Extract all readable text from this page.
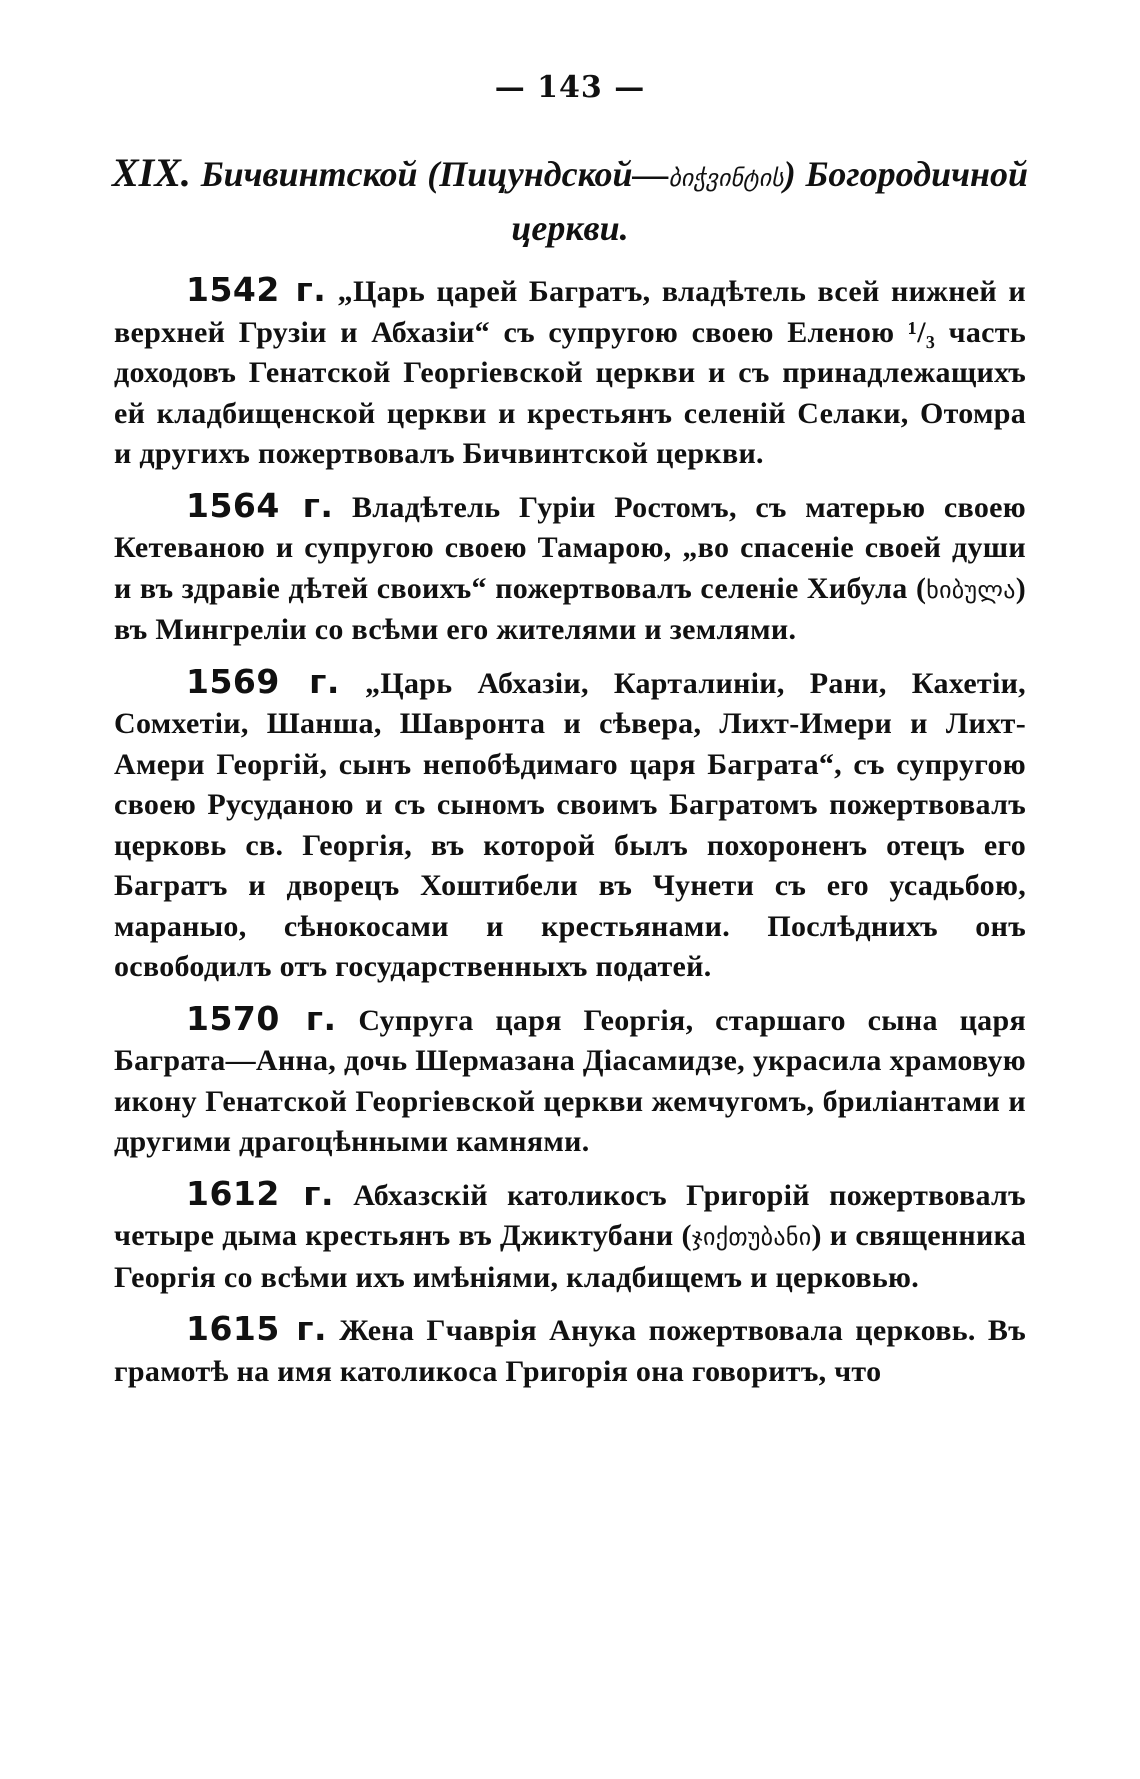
— 143 —
XIX. Бичвинтской (Пицундской—ბიჭვინტის) Богородичной церкви.

1542 г. „Царь царей Багратъ, владѣтель всей нижней и верхней Грузіи и Абхазіи“ съ супругою своею Еленою ¹/₃ часть доходовъ Генатской Георгіевской церкви и съ принадлежащихъ ей кладбищенской церкви и крестьянъ селеній Селаки, Отомра и другихъ пожертвовалъ Бичвинтской церкви.

1564 г. Владѣтель Гуріи Ростомъ, съ матерью своею Кетеваною и супругою своею Тамарою, „во спасеніе своей души и въ здравіе дѣтей своихъ“ пожертвовалъ селеніе Хибула (ხიბულა) въ Мингреліи со всѣми его жителями и землями.

1569 г. „Царь Абхазіи, Карталиніи, Рани, Кахетіи, Сомхетіи, Шанша, Шавронта и сѣвера, Лихт-Имери и Лихт-Амери Георгій, сынъ непобѣдимаго царя Баграта“, съ супругою своею Русуданою и съ сыномъ своимъ Багратомъ пожертвовалъ церковь св. Георгія, въ которой былъ похороненъ отецъ его Багратъ и дворецъ Хоштибели въ Чунети съ его усадьбою, мараныо, сѣнокосами и крестьянами. Послѣднихъ онъ освободилъ отъ государственныхъ податей.

1570 г. Супруга царя Георгія, старшаго сына царя Баграта—Анна, дочь Шермазана Діасамидзе, украсила храмовую икону Генатской Георгіевской церкви жемчугомъ, бриліантами и другими драгоцѣнными камнями.

1612 г. Абхазскій католикосъ Григорій пожертвовалъ четыре дыма крестьянъ въ Джиктубани (ჯიქთუბანი) и священника Георгія со всѣми ихъ имѣніями, кладбищемъ и церковью.

1615 г. Жена Гчаврія Анука пожертвовала церковь. Въ грамотѣ на имя католикоса Григорія она говоритъ, что
